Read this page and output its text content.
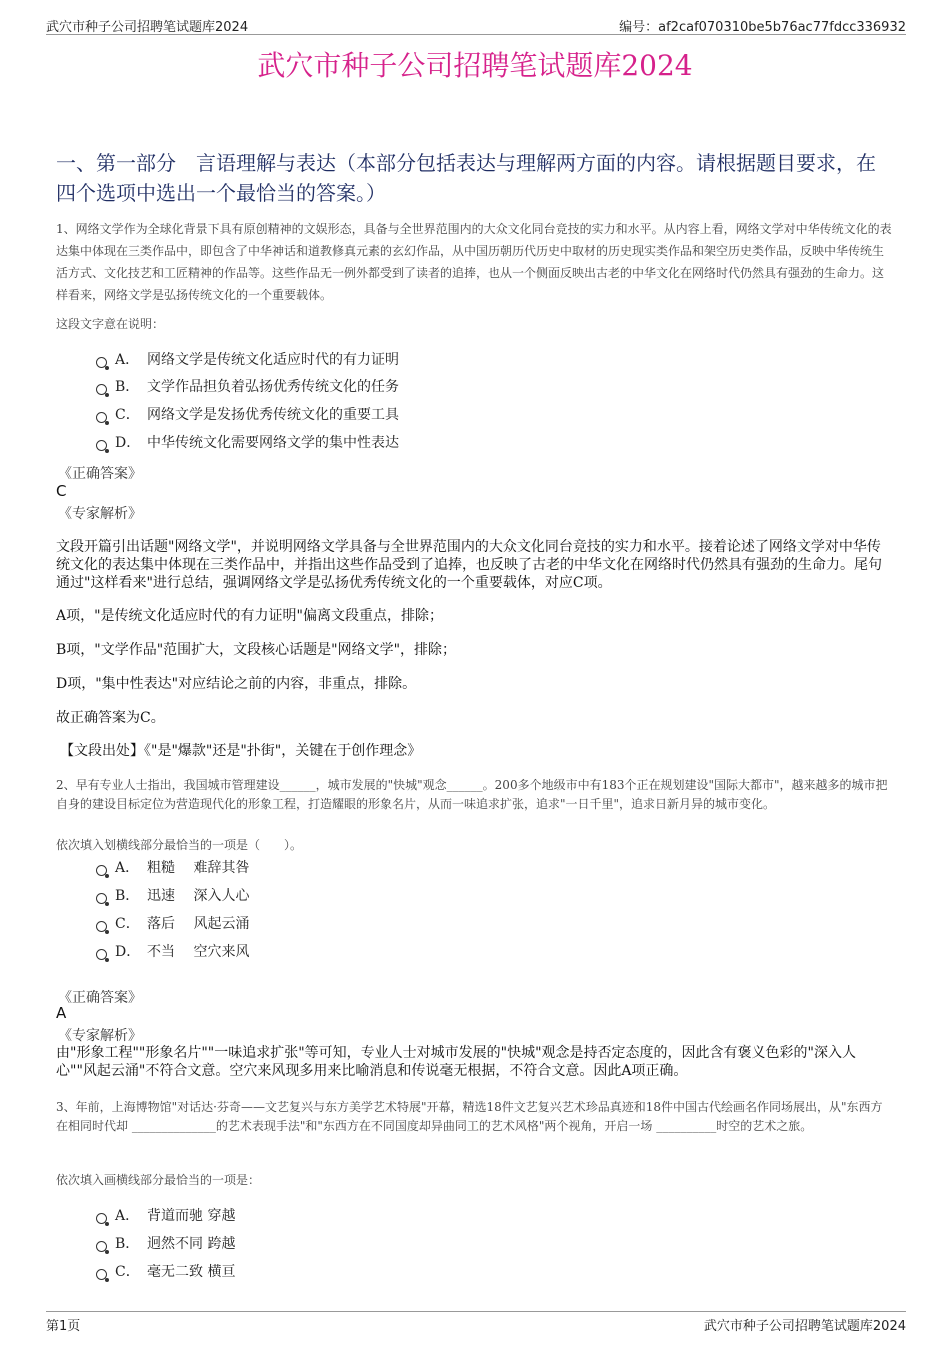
武穴市种子公司招聘笔试题库2024	编号：af2caf070310be5b76ac77fdcc336932
武穴市种子公司招聘笔试题库2024
一、第一部分　言语理解与表达（本部分包括表达与理解两方面的内容。请根据题目要求，在四个选项中选出一个最恰当的答案。）
1、网络文学作为全球化背景下具有原创精神的文娱形态，具备与全世界范围内的大众文化同台竞技的实力和水平。从内容上看，网络文学对中华传统文化的表达集中体现在三类作品中，即包含了中华神话和道教修真元素的玄幻作品，从中国历朝历代历史中取材的历史现实类作品和架空历史类作品，反映中华传统生活方式、文化技艺和工匠精神的作品等。这些作品无一例外都受到了读者的追捧，也从一个侧面反映出古老的中华文化在网络时代仍然具有强劲的生命力。这样看来，网络文学是弘扬传统文化的一个重要载体。
这段文字意在说明：
A． 网络文学是传统文化适应时代的有力证明
B． 文学作品担负着弘扬优秀传统文化的任务
C． 网络文学是发扬优秀传统文化的重要工具
D． 中华传统文化需要网络文学的集中性表达
《正确答案》
C
《专家解析》
文段开篇引出话题"网络文学"，并说明网络文学具备与全世界范围内的大众文化同台竞技的实力和水平。接着论述了网络文学对中华传统文化的表达集中体现在三类作品中，并指出这些作品受到了追捧，也反映了古老的中华文化在网络时代仍然具有强劲的生命力。尾句通过"这样看来"进行总结，强调网络文学是弘扬优秀传统文化的一个重要载体，对应C项。
A项，"是传统文化适应时代的有力证明"偏离文段重点，排除；
B项，"文学作品"范围扩大，文段核心话题是"网络文学"，排除；
D项，"集中性表达"对应结论之前的内容，非重点，排除。
故正确答案为C。
【文段出处】《"是"爆款"还是"扑街"，关键在于创作理念》
2、早有专业人士指出，我国城市管理建设______，城市发展的"快城"观念______。200多个地级市中有183个正在规划建设"国际大都市"，越来越多的城市把自身的建设目标定位为营造现代化的形象工程，打造耀眼的形象名片，从而一味追求扩张，追求"一日千里"，追求日新月异的城市变化。
依次填入划横线部分最恰当的一项是（　　）。
A． 粗糙　 难辞其咎
B． 迅速　 深入人心
C． 落后　 风起云涌
D． 不当　 空穴来风
《正确答案》
A
《专家解析》
由"形象工程""形象名片""一味追求扩张"等可知，专业人士对城市发展的"快城"观念是持否定态度的，因此含有褒义色彩的"深入人心""风起云涌"不符合文意。空穴来风现多用来比喻消息和传说毫无根据，不符合文意。因此A项正确。
3、年前，上海博物馆"对话达·芬奇——文艺复兴与东方美学艺术特展"开幕，精选18件文艺复兴艺术珍品真迹和18件中国古代绘画名作同场展出，从"东西方在相同时代却 ______________的艺术表现手法"和"东西方在不同国度却异曲同工的艺术风格"两个视角，开启一场 __________时空的艺术之旅。
依次填入画横线部分最恰当的一项是：
A． 背道而驰 穿越
B． 迥然不同 跨越
C． 毫无二致 横亘
第1页	武穴市种子公司招聘笔试题库2024
